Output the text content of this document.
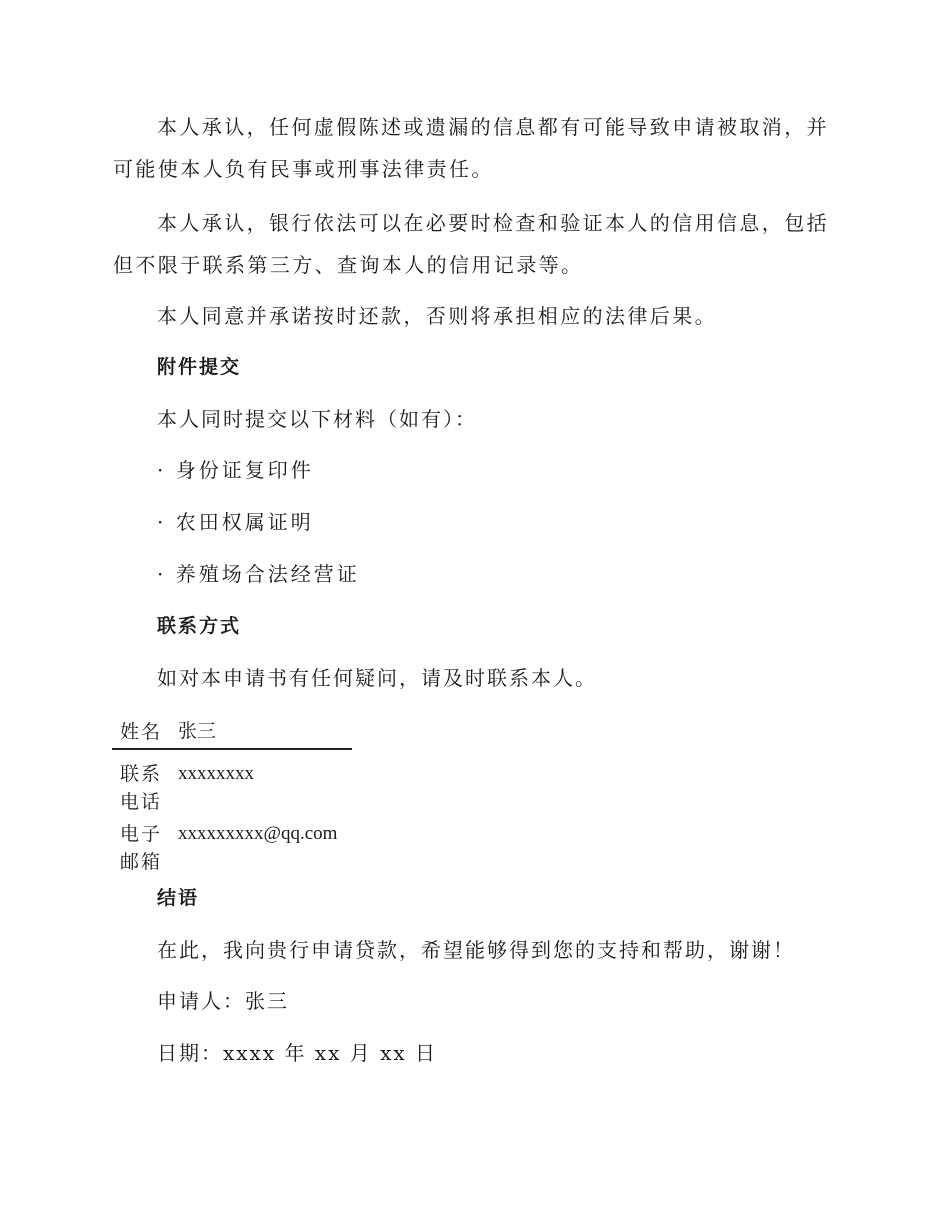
本人承认，任何虚假陈述或遗漏的信息都有可能导致申请被取消，并可能使本人负有民事或刑事法律责任。
本人承认，银行依法可以在必要时检查和验证本人的信用信息，包括但不限于联系第三方、查询本人的信用记录等。
本人同意并承诺按时还款，否则将承担相应的法律后果。
附件提交
本人同时提交以下材料（如有）：
· 身份证复印件
· 农田权属证明
· 养殖场合法经营证
联系方式
如对本申请书有任何疑问，请及时联系本人。
姓名 张三
联系电话
xxxxxxxx
电子邮箱
xxxxxxxxx@qq.com
结语
在此，我向贵行申请贷款，希望能够得到您的支持和帮助，谢谢！
申请人：张三
日期：xxxx 年 xx 月 xx 日
